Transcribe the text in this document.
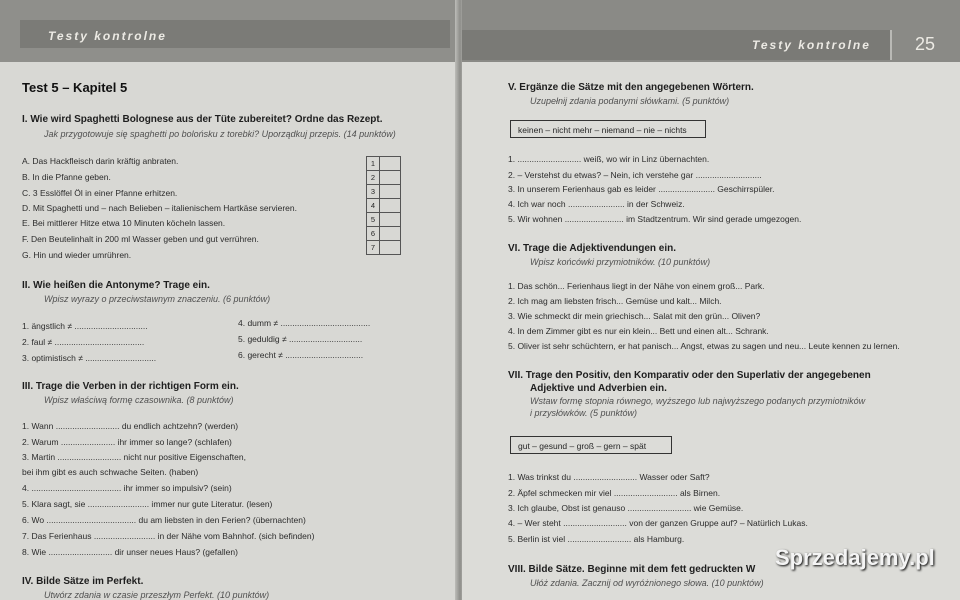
Testy kontrolne
Test 5 – Kapitel 5
I. Wie wird Spaghetti Bolognese aus der Tüte zubereitet? Ordne das Rezept.
Jak przygotowuje się spaghetti po bolońsku z torebki? Uporządkuj przepis. (14 punktów)
A. Das Hackfleisch darin kräftig anbraten.
B. In die Pfanne geben.
C. 3 Esslöffel Öl in einer Pfanne erhitzen.
D. Mit Spaghetti und – nach Belieben – italienischem Hartkäse servieren.
E. Bei mittlerer Hitze etwa 10 Minuten köcheln lassen.
F. Den Beutelinhalt in 200 ml Wasser geben und gut verrühren.
G. Hin und wieder umrühren.
1	
2	
3	
4	
5	
6	
7	
II. Wie heißen die Antonyme? Trage ein.
Wpisz wyrazy o przeciwstawnym znaczeniu. (6 punktów)
1. ängstlich ≠ ...............................
2. faul ≠ ......................................
3. optimistisch ≠ ..............................
4. dumm ≠ ......................................
5. geduldig ≠ ...............................
6. gerecht ≠ .................................
III. Trage die Verben in der richtigen Form ein.
Wpisz właściwą formę czasownika. (8 punktów)
1. Wann ........................... du endlich achtzehn? (werden)
2. Warum ....................... ihr immer so lange? (schlafen)
3. Martin ........................... nicht nur positive Eigenschaften,
bei ihm gibt es auch schwache Seiten. (haben)
4. ...................................... ihr immer so impulsiv? (sein)
5. Klara sagt, sie .......................... immer nur gute Literatur. (lesen)
6. Wo ...................................... du am liebsten in den Ferien? (übernachten)
7. Das Ferienhaus .......................... in der Nähe vom Bahnhof. (sich befinden)
8. Wie ........................... dir unser neues Haus? (gefallen)
IV. Bilde Sätze im Perfekt.
Utwórz zdania w czasie przeszłym Perfekt. (10 punktów)
Testy kontrolne 25
V. Ergänze die Sätze mit den angegebenen Wörtern.
Uzupełnij zdania podanymi słówkami. (5 punktów)
keinen – nicht mehr – niemand – nie – nichts
1. ........................... weiß, wo wir in Linz übernachten.
2. – Verstehst du etwas? – Nein, ich verstehe gar ............................
3. In unserem Ferienhaus gab es leider ........................ Geschirrspüler.
4. Ich war noch ........................ in der Schweiz.
5. Wir wohnen ......................... im Stadtzentrum. Wir sind gerade umgezogen.
VI. Trage die Adjektivendungen ein.
Wpisz końcówki przymiotników. (10 punktów)
1. Das schön... Ferienhaus liegt in der Nähe von einem groß... Park.
2. Ich mag am liebsten frisch... Gemüse und kalt... Milch.
3. Wie schmeckt dir mein griechisch... Salat mit den grün... Oliven?
4. In dem Zimmer gibt es nur ein klein... Bett und einen alt... Schrank.
5. Oliver ist sehr schüchtern, er hat panisch... Angst, etwas zu sagen und neu... Leute kennen zu lernen.
VII. Trage den Positiv, den Komparativ oder den Superlativ der angegebenen
Adjektive und Adverbien ein.
Wstaw formę stopnia równego, wyższego lub najwyższego podanych przymiotników
i przysłówków. (5 punktów)
gut – gesund – groß – gern – spät
1. Was trinkst du ........................... Wasser oder Saft?
2. Äpfel schmecken mir viel ........................... als Birnen.
3. Ich glaube, Obst ist genauso ........................... wie Gemüse.
4. – Wer steht ........................... von der ganzen Gruppe auf? – Natürlich Lukas.
5. Berlin ist viel ........................... als Hamburg.
VIII. Bilde Sätze. Beginne mit dem fett gedruckten W
Ułóż zdania. Zacznij od wyróżnionego słowa. (10 punktów)
Sprzedajemy.pl
